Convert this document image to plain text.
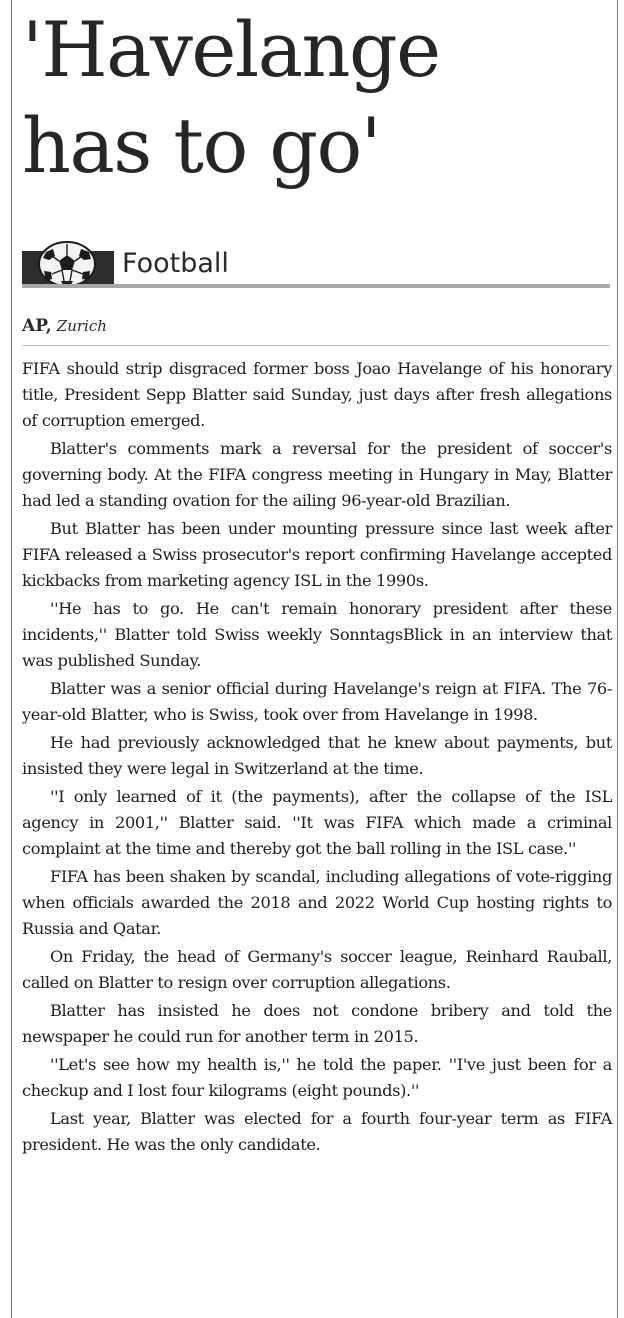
'Havelange
has to go'
Football
AP, Zurich

FIFA should strip disgraced former boss Joao Havelange of his honorary title, President Sepp Blatter said Sunday, just days after fresh allegations of corruption emerged.

Blatter's comments mark a reversal for the president of soccer's governing body. At the FIFA congress meeting in Hungary in May, Blatter had led a standing ovation for the ailing 96-year-old Brazilian.

But Blatter has been under mounting pressure since last week after FIFA released a Swiss prosecutor's report confirming Havelange accepted kickbacks from marketing agency ISL in the 1990s.

''He has to go. He can't remain honorary president after these incidents,'' Blatter told Swiss weekly SonntagsBlick in an interview that was published Sunday.

Blatter was a senior official during Havelange's reign at FIFA. The 76-year-old Blatter, who is Swiss, took over from Havelange in 1998.

He had previously acknowledged that he knew about payments, but insisted they were legal in Switzerland at the time.

''I only learned of it (the payments), after the collapse of the ISL agency in 2001,'' Blatter said. ''It was FIFA which made a criminal complaint at the time and thereby got the ball rolling in the ISL case.''

FIFA has been shaken by scandal, including allegations of vote-rigging when officials awarded the 2018 and 2022 World Cup hosting rights to Russia and Qatar.

On Friday, the head of Germany's soccer league, Reinhard Rauball, called on Blatter to resign over corruption allegations.

Blatter has insisted he does not condone bribery and told the newspaper he could run for another term in 2015.

''Let's see how my health is,'' he told the paper. ''I've just been for a checkup and I lost four kilograms (eight pounds).''

Last year, Blatter was elected for a fourth four-year term as FIFA president. He was the only candidate.
